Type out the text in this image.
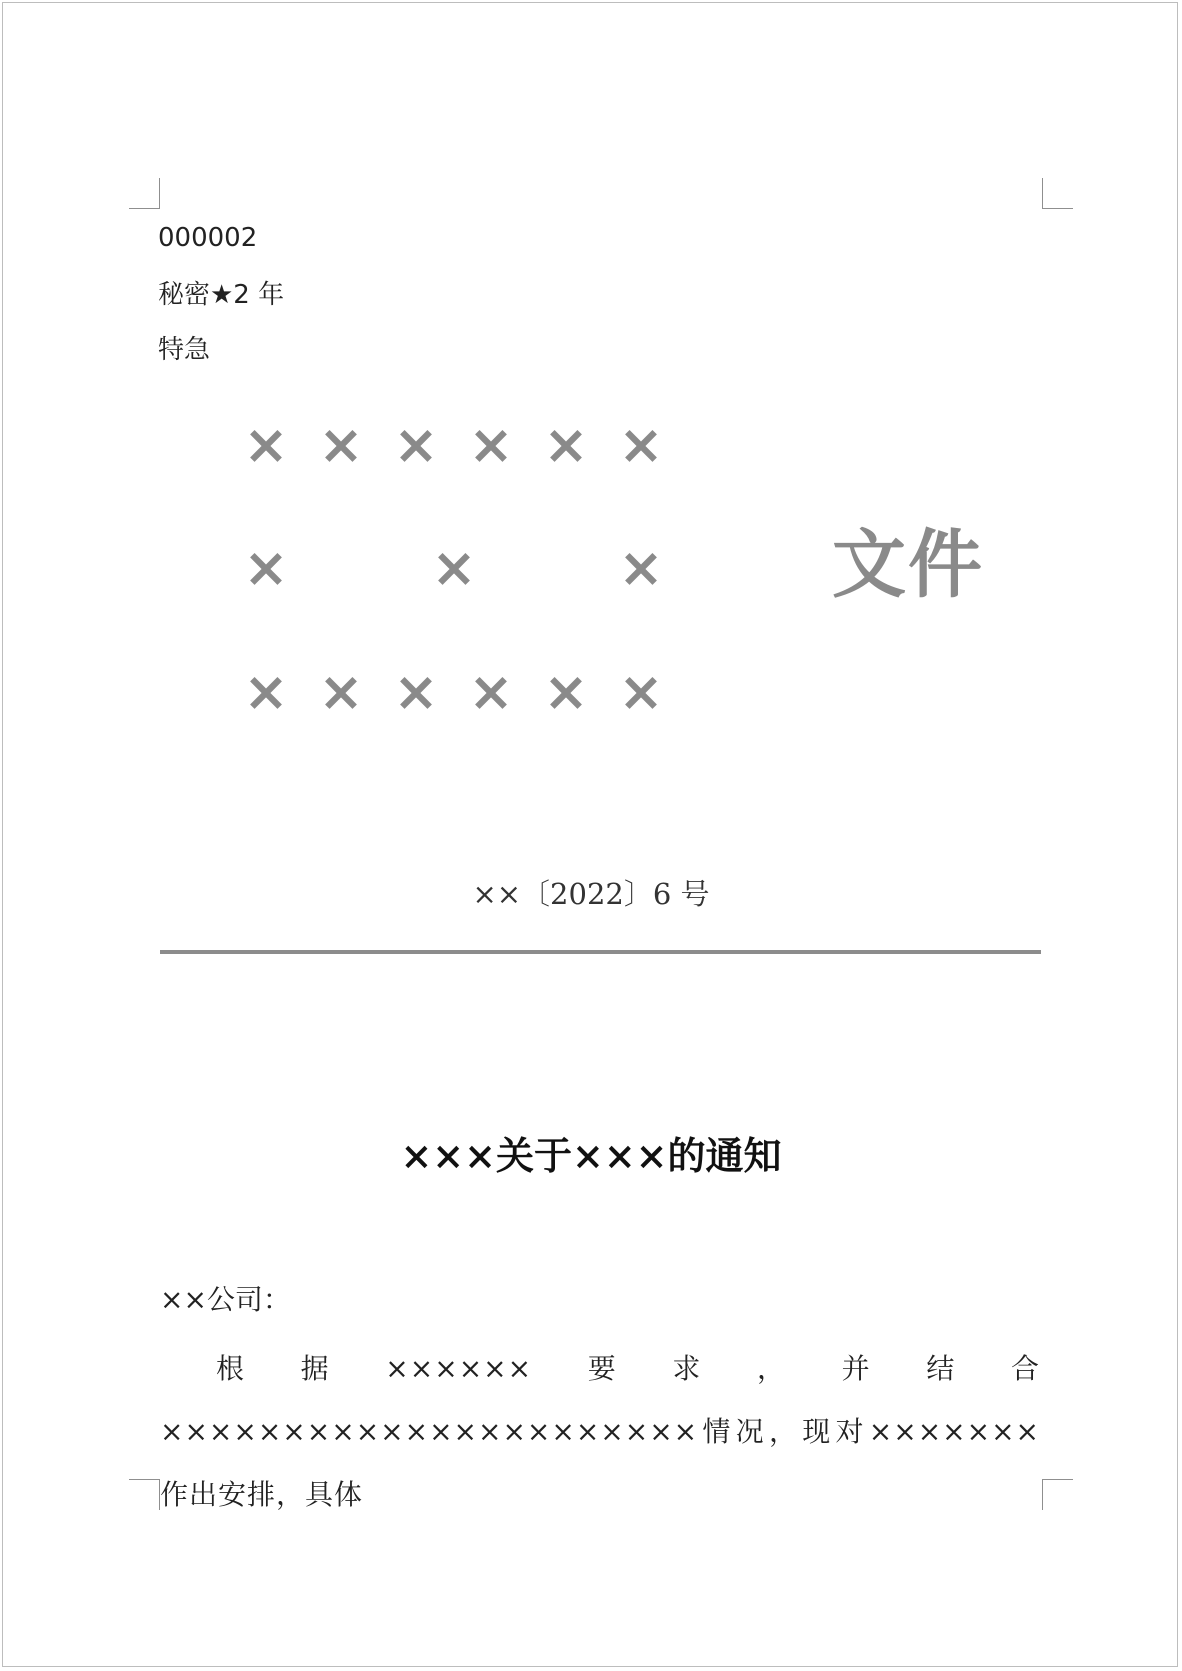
000002
秘密★2 年
特急
× × × × × ×
×	×	×
× × × × × ×
文件
××〔2022〕6 号
×××关于×××的通知
××公司：
根据××××××要求，并结合××××××××××××××××××××××情况，现对×××××××作出安排，具体
